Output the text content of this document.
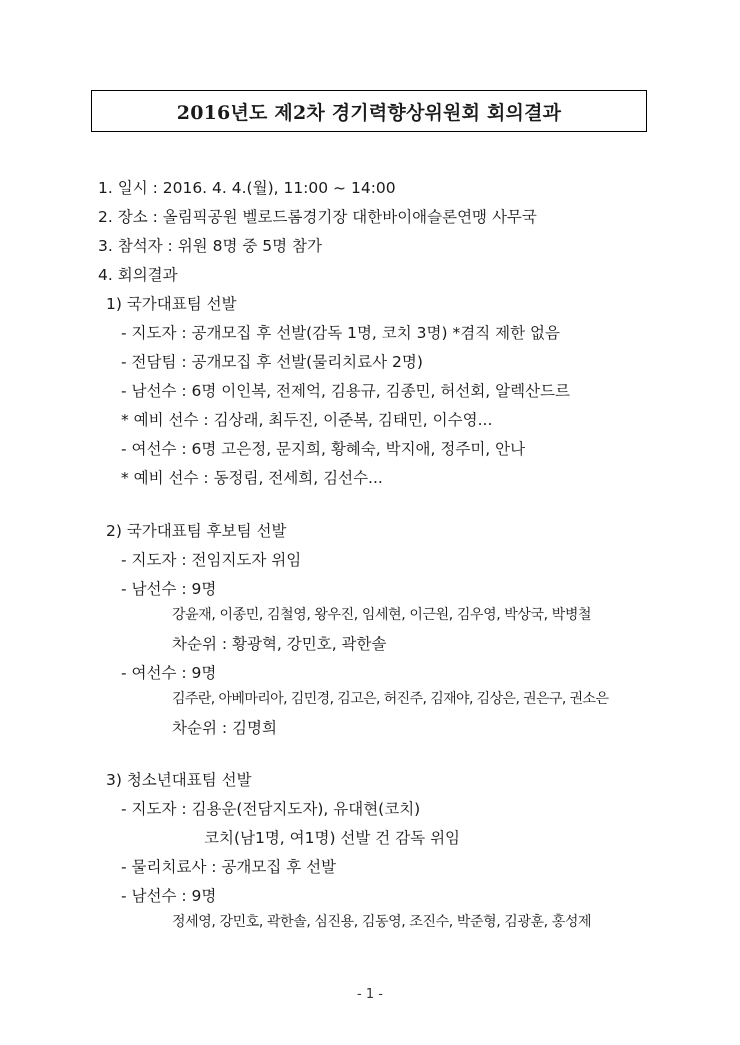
2016년도 제2차 경기력향상위원회 회의결과
1. 일시 : 2016. 4. 4.(월), 11:00 ~ 14:00
2. 장소 : 올림픽공원 벨로드롬경기장 대한바이애슬론연맹 사무국
3. 참석자 : 위원 8명 중 5명 참가
4. 회의결과
1) 국가대표팀 선발
- 지도자 : 공개모집 후 선발(감독 1명, 코치 3명) *겸직 제한 없음
- 전담팀 : 공개모집 후 선발(물리치료사 2명)
- 남선수 : 6명 이인복, 전제억, 김용규, 김종민, 허선회, 알렉산드르
* 예비 선수 : 김상래, 최두진, 이준복, 김태민, 이수영...
- 여선수 : 6명 고은정, 문지희, 황혜숙, 박지애, 정주미, 안나
* 예비 선수 : 동정림, 전세희, 김선수...
2) 국가대표팀 후보팀 선발
- 지도자 : 전임지도자 위임
- 남선수 : 9명
강윤재, 이종민, 김철영, 왕우진, 임세현, 이근원, 김우영, 박상국, 박병철
차순위 : 황광혁, 강민호, 곽한솔
- 여선수 : 9명
김주란, 아베마리아, 김민경, 김고은, 허진주, 김재야, 김상은, 권은구, 권소은
차순위 : 김명희
3) 청소년대표팀 선발
- 지도자 : 김용운(전담지도자), 유대현(코치)
코치(남1명, 여1명) 선발 건 감독 위임
- 물리치료사 : 공개모집 후 선발
- 남선수 : 9명
정세영, 강민호, 곽한솔, 심진용, 김동영, 조진수, 박준형, 김광훈, 홍성제
- 1 -
